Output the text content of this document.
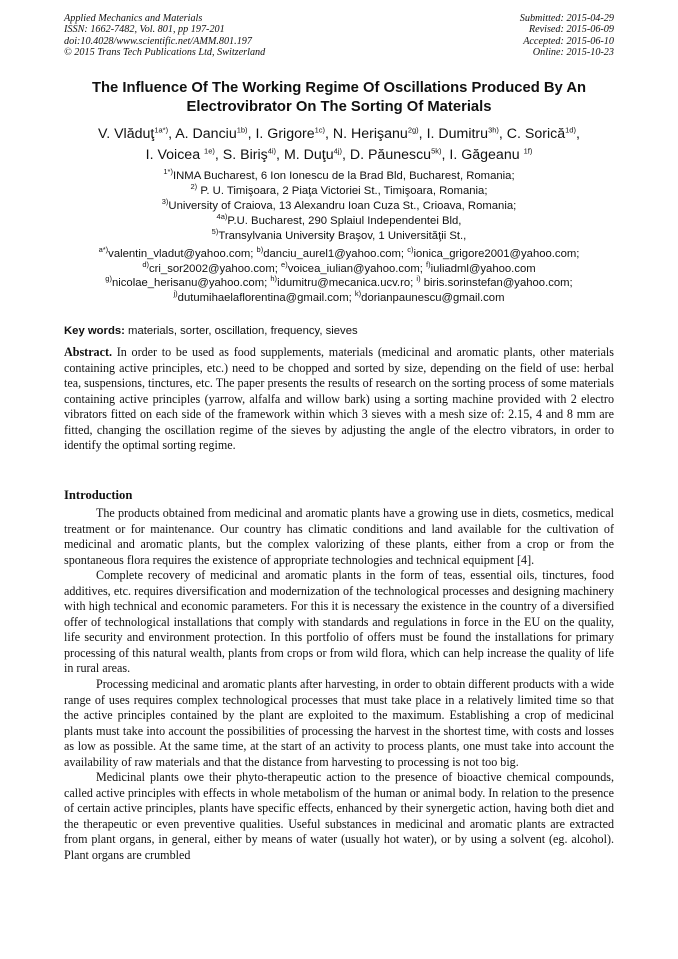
Applied Mechanics and Materials
ISSN: 1662-7482, Vol. 801, pp 197-201
doi:10.4028/www.scientific.net/AMM.801.197
© 2015 Trans Tech Publications Ltd, Switzerland
Submitted: 2015-04-29
Revised: 2015-06-09
Accepted: 2015-06-10
Online: 2015-10-23
The Influence Of The Working Regime Of Oscillations Produced By An
Electrovibrator On The Sorting Of Materials
V. Vlăduţ$^{1a*)}$, A. Danciu$^{1b)}$, I. Grigore$^{1c)}$, N. Herişanu$^{2g)}$, I. Dumitru$^{3h)}$, C. Sorică$^{1d)}$,
I. Voicea $^{1e)}$, S. Biriş$^{4i)}$, M. Duţu$^{4j)}$, D. Păunescu$^{5k)}$, I. Găgeanu $^{1f)}$
$^{1*)}$INMA Bucharest, 6 Ion Ionescu de la Brad Bld, Bucharest, Romania;
$^{2)}$ P. U. Timişoara, 2 Piaţa Victoriei St., Timişoara, Romania;
$^{3)}$University of Craiova, 13 Alexandru Ioan Cuza St., Crioava, Romania;
$^{4a)}$P.U. Bucharest, 290 Splaiul Independentei Bld,
$^{5)}$Transylvania University Braşov, 1 Universităţii St.,
$^{a*)}$valentin_vladut@yahoo.com; $^{b)}$danciu_aurel1@yahoo.com; $^{c)}$ionica_grigore2001@yahoo.com;
$^{d)}$cri_sor2002@yahoo.com; $^{e)}$voicea_iulian@yahoo.com; $^{f)}$iuliadml@yahoo.com
$^{g)}$nicolae_herisanu@yahoo.com; $^{h)}$idumitru@mecanica.ucv.ro; $^{i)}$ biris.sorinstefan@yahoo.com;
$^{j)}$dutumihaelaflorentina@gmail.com; $^{k)}$dorianpaunescu@gmail.com
Key words: materials, sorter, oscillation, frequency, sieves
Abstract. In order to be used as food supplements, materials (medicinal and aromatic plants, other materials containing active principles, etc.) need to be chopped and sorted by size, depending on the field of use: herbal tea, suspensions, tinctures, etc. The paper presents the results of research on the sorting process of some materials containing active principles (yarrow, alfalfa and willow bark) using a sorting machine provided with 2 electro vibrators fitted on each side of the framework within which 3 sieves with a mesh size of: 2.15, 4 and 8 mm are fitted, changing the oscillation regime of the sieves by adjusting the angle of the electro vibrators, in order to identify the optimal sorting regime.
Introduction

The products obtained from medicinal and aromatic plants have a growing use in diets, cosmetics, medical treatment or for maintenance. Our country has climatic conditions and land available for the cultivation of medicinal and aromatic plants, but the complex valorizing of these plants, either from a crop or from the spontaneous flora requires the existence of appropriate technologies and technical equipment [4].

Complete recovery of medicinal and aromatic plants in the form of teas, essential oils, tinctures, food additives, etc. requires diversification and modernization of the technological processes and designing machinery with high technical and economic parameters. For this it is necessary the existence in the country of a diversified offer of technological installations that comply with standards and regulations in force in the EU on the quality, life security and environment protection. In this portfolio of offers must be found the installations for primary processing of this natural wealth, plants from crops or from wild flora, which can help increase the quality of life in rural areas.

Processing medicinal and aromatic plants after harvesting, in order to obtain different products with a wide range of uses requires complex technological processes that must take place in a relatively limited time so that the active principles contained by the plant are exploited to the maximum. Establishing a crop of medicinal plants must take into account the possibilities of processing the harvest in the shortest time, with costs and losses as low as possible. At the same time, at the start of an activity to process plants, one must take into account the availability of raw materials and that the distance from harvesting to processing is not too big.

Medicinal plants owe their phyto-therapeutic action to the presence of bioactive chemical compounds, called active principles with effects in whole metabolism of the human or animal body. In relation to the presence of certain active principles, plants have specific effects, enhanced by their synergetic action, having both diet and the therapeutic or even preventive qualities. Useful substances in medicinal and aromatic plants are extracted from plant organs, in general, either by means of water (usually hot water), or by using a solvent (eg. alcohol). Plant organs are crumbled
